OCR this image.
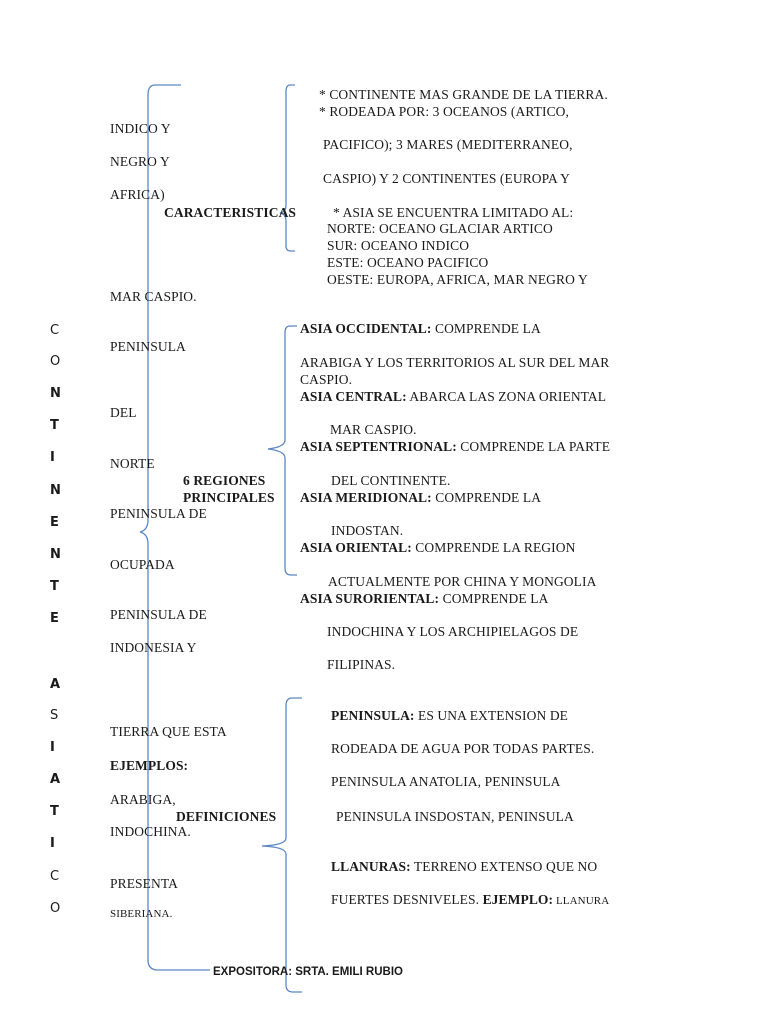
C
O
N
T
I
N
E
N
T
E
A
S
I
A
T
I
C
O
* CONTINENTE MAS GRANDE DE LA TIERRA.
* RODEADA POR: 3 OCEANOS (ARTICO,
PACIFICO); 3 MARES (MEDITERRANEO,
CASPIO) Y 2 CONTINENTES (EUROPA Y
CARACTERISTICAS	* ASIA SE ENCUENTRA LIMITADO AL:
NORTE: OCEANO GLACIAR ARTICO
SUR: OCEANO INDICO
ESTE: OCEANO PACIFICO
OESTE: EUROPA, AFRICA, MAR NEGRO Y
INDICO Y
NEGRO Y
AFRICA)
MAR CASPIO.
PENINSULA
DEL
NORTE
PENINSULA DE
OCUPADA
PENINSULA DE
INDONESIA Y
TIERRA QUE ESTA
EJEMPLOS:
ARABIGA,
INDOCHINA.
PRESENTA
SIBERIANA.
6 REGIONES
PRINCIPALES
ASIA OCCIDENTAL: COMPRENDE LA
ARABIGA Y LOS TERRITORIOS AL SUR DEL MAR
CASPIO.
ASIA CENTRAL: ABARCA LAS ZONA ORIENTAL
MAR CASPIO.
ASIA SEPTENTRIONAL: COMPRENDE LA PARTE
DEL CONTINENTE.
ASIA MERIDIONAL: COMPRENDE LA
INDOSTAN.
ASIA ORIENTAL: COMPRENDE LA REGION
ACTUALMENTE POR CHINA Y MONGOLIA
ASIA SURORIENTAL: COMPRENDE LA
INDOCHINA Y LOS ARCHIPIELAGOS DE
FILIPINAS.
DEFINICIONES
PENINSULA: ES UNA EXTENSION DE
RODEADA DE AGUA POR TODAS PARTES.
PENINSULA ANATOLIA, PENINSULA
PENINSULA INSDOSTAN, PENINSULA
LLANURAS: TERRENO EXTENSO QUE NO
FUERTES DESNIVELES. EJEMPLO: LLANURA
EXPOSITORA: SRTA. EMILI RUBIO
